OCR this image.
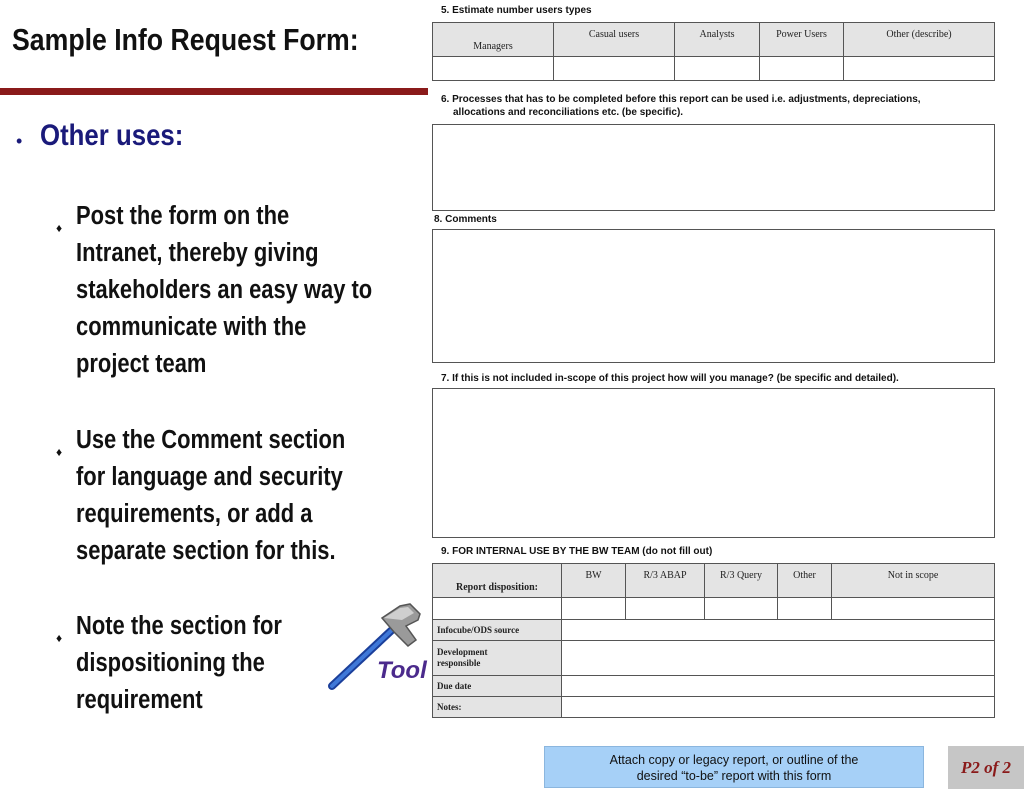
Sample Info Request Form:
• Other uses:
♦ Post the form on the
Intranet, thereby giving
stakeholders an easy way to
communicate with the
project team
♦ Use the Comment section
for language and security
requirements, or add a
separate section for this.
♦ Note the section for
dispositioning the
requirement
Tool
5. Estimate number users types
Managers	Casual users	Analysts	Power Users	Other (describe)

6. Processes that has to be completed before this report can be used i.e. adjustments, depreciations,
allocations and reconciliations etc. (be specific).
8. Comments
7. If this is not included in-scope of this project how will you manage? (be specific and detailed).
9. FOR INTERNAL USE BY THE BW TEAM (do not fill out)
Report disposition:	BW	R/3 ABAP	R/3 Query	Other	Not in scope

Infocube/ODS source					

Development
responsible					

Due date					
Notes:					
Attach copy or legacy report, or outline of the
desired “to-be” report with this form	P2 of 2
